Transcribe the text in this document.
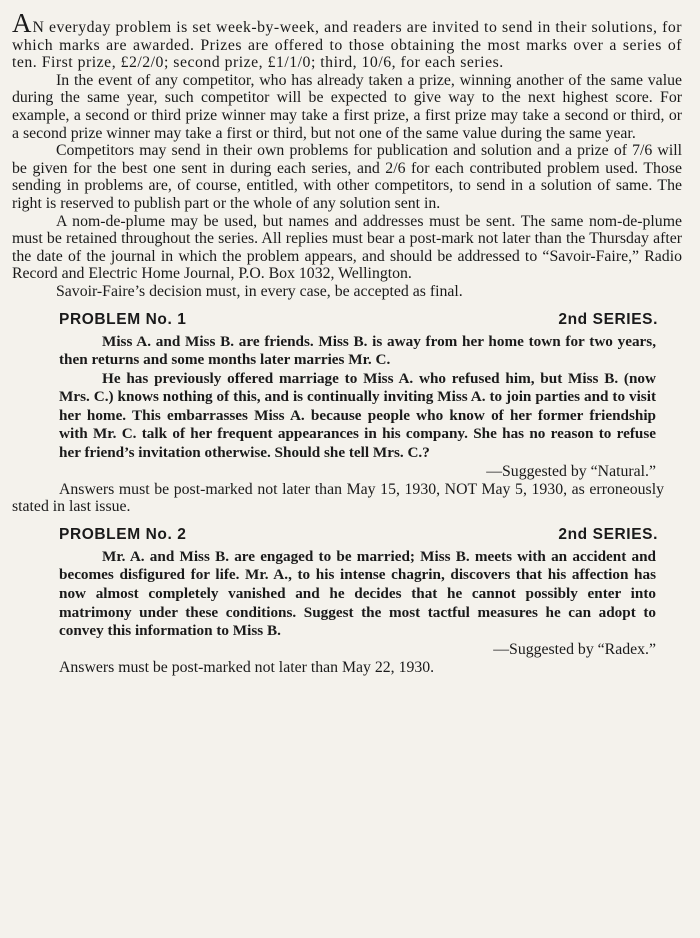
AN everyday problem is set week-by-week, and readers are invited to send in their solutions, for which marks are awarded. Prizes are offered to those obtaining the most marks over a series of ten. First prize, £2/2/0; second prize, £1/1/0; third, 10/6, for each series.

In the event of any competitor, who has already taken a prize, winning another of the same value during the same year, such competitor will be expected to give way to the next highest score. For example, a second or third prize winner may take a first prize, a first prize may take a second or third, or a second prize winner may take a first or third, but not one of the same value during the same year.

Competitors may send in their own problems for publication and solution and a prize of 7/6 will be given for the best one sent in during each series, and 2/6 for each contributed problem used. Those sending in problems are, of course, entitled, with other competitors, to send in a solution of same. The right is reserved to publish part or the whole of any solution sent in.

A nom-de-plume may be used, but names and addresses must be sent. The same nom-de-plume must be retained throughout the series. All replies must bear a post-mark not later than the Thursday after the date of the journal in which the problem appears, and should be addressed to “Savoir-Faire,” Radio Record and Electric Home Journal, P.O. Box 1032, Wellington.

Savoir-Faire’s decision must, in every case, be accepted as final.

PROBLEM No. 1	2nd SERIES.

Miss A. and Miss B. are friends. Miss B. is away from her home town for two years, then returns and some months later marries Mr. C.

He has previously offered marriage to Miss A. who refused him, but Miss B. (now Mrs. C.) knows nothing of this, and is continually inviting Miss A. to join parties and to visit her home. This embarrasses Miss A. because people who know of her former friendship with Mr. C. talk of her frequent appearances in his company. She has no reason to refuse her friend’s invitation otherwise. Should she tell Mrs. C.?

—Suggested by “Natural.”
Answers must be post-marked not later than May 15, 1930, NOT May 5, 1930, as erroneously stated in last issue.
PROBLEM No. 2	2nd SERIES.

Mr. A. and Miss B. are engaged to be married; Miss B. meets with an accident and becomes disfigured for life. Mr. A., to his intense chagrin, discovers that his affection has now almost completely vanished and he decides that he cannot possibly enter into matrimony under these conditions. Suggest the most tactful measures he can adopt to convey this information to Miss B.

—Suggested by “Radex.”
Answers must be post-marked not later than May 22, 1930.
